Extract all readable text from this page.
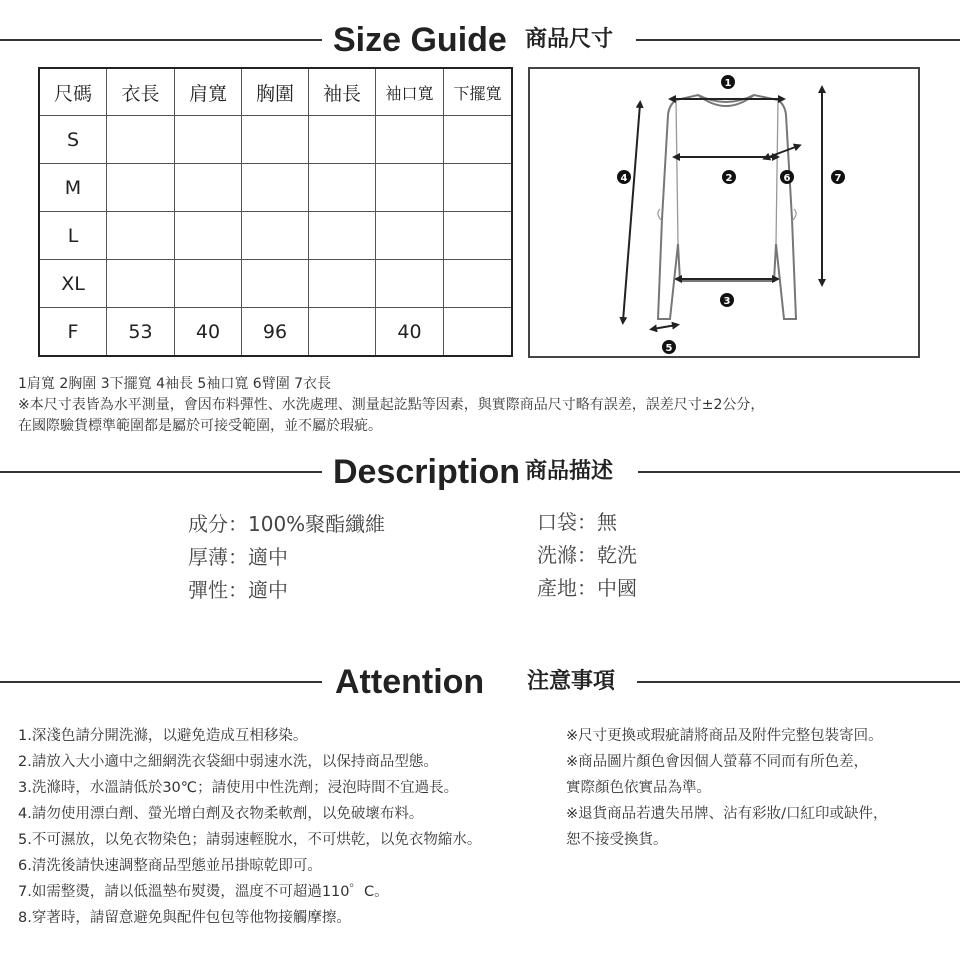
Size Guide 商品尺寸
尺碼	衣長	肩寬	胸圍	袖長	袖口寬	下擺寬
S						
M						
L						
XL						
F	53	40	96		40	
1
2
3
4
5
6	7
1肩寬 2胸圍 3下擺寬 4袖長 5袖口寬 6臂圍 7衣長
※本尺寸表皆為水平測量，會因布料彈性、水洗處理、測量起訖點等因素，與實際商品尺寸略有誤差，誤差尺寸±2公分，
在國際驗貨標準範圍都是屬於可接受範圍，並不屬於瑕疵。
Description 商品描述
成分：100%聚酯纖維
厚薄：適中
彈性：適中
口袋：無
洗滌：乾洗
產地：中國
Attention 注意事項
1.深淺色請分開洗滌，以避免造成互相移染。
2.請放入大小適中之細網洗衣袋細中弱速水洗，以保持商品型態。
3.洗滌時，水溫請低於30℃；請使用中性洗劑；浸泡時間不宜過長。
4.請勿使用漂白劑、螢光增白劑及衣物柔軟劑，以免破壞布料。
5.不可濕放，以免衣物染色；請弱速輕脫水，不可烘乾，以免衣物縮水。
6.清洗後請快速調整商品型態並吊掛晾乾即可。
7.如需整燙，請以低溫墊布熨燙，溫度不可超過110゜C。
8.穿著時，請留意避免與配件包包等他物接觸摩擦。
※尺寸更換或瑕疵請將商品及附件完整包裝寄回。
※商品圖片顏色會因個人螢幕不同而有所色差，
實際顏色依實品為準。
※退貨商品若遺失吊牌、沾有彩妝/口紅印或缺件，
恕不接受換貨。
